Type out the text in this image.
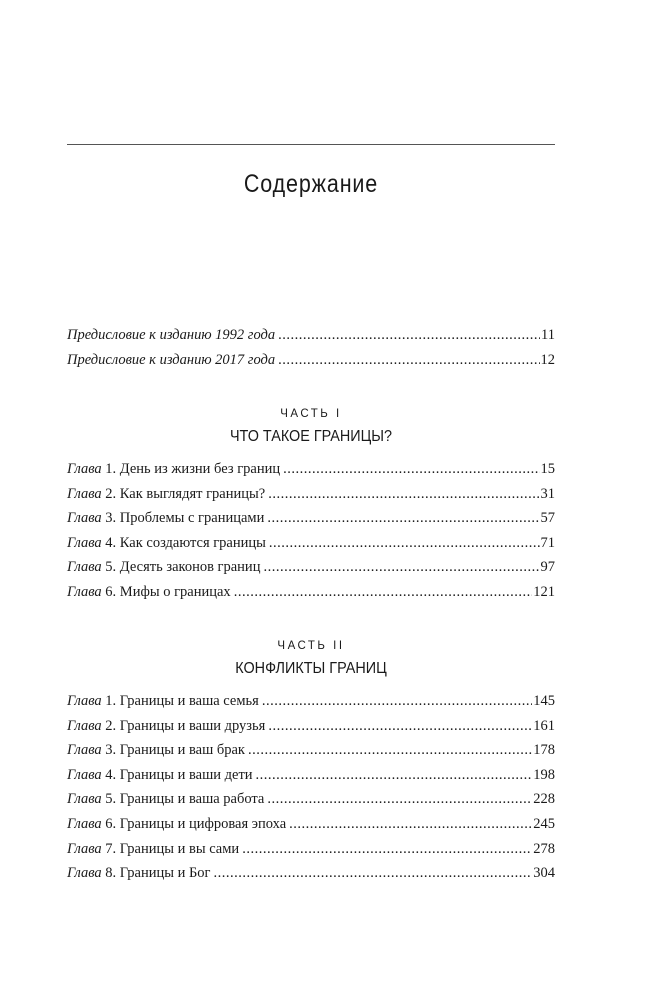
Содержание
Предисловие к изданию 1992 года .....	11
Предисловие к изданию 2017 года .....	12
ЧАСТЬ I
ЧТО ТАКОЕ ГРАНИЦЫ?
Глава 1. День из жизни без границ .....	15
Глава 2. Как выглядят границы? .....	31
Глава 3. Проблемы с границами .....	57
Глава 4. Как создаются границы .....	71
Глава 5. Десять законов границ .....	97
Глава 6. Мифы о границах .....	121
ЧАСТЬ II
КОНФЛИКТЫ ГРАНИЦ
Глава 1. Границы и ваша семья .....	145
Глава 2. Границы и ваши друзья .....	161
Глава 3. Границы и ваш брак .....	178
Глава 4. Границы и ваши дети .....	198
Глава 5. Границы и ваша работа .....	228
Глава 6. Границы и цифровая эпоха .....	245
Глава 7. Границы и вы сами .....	278
Глава 8. Границы и Бог .....	304
